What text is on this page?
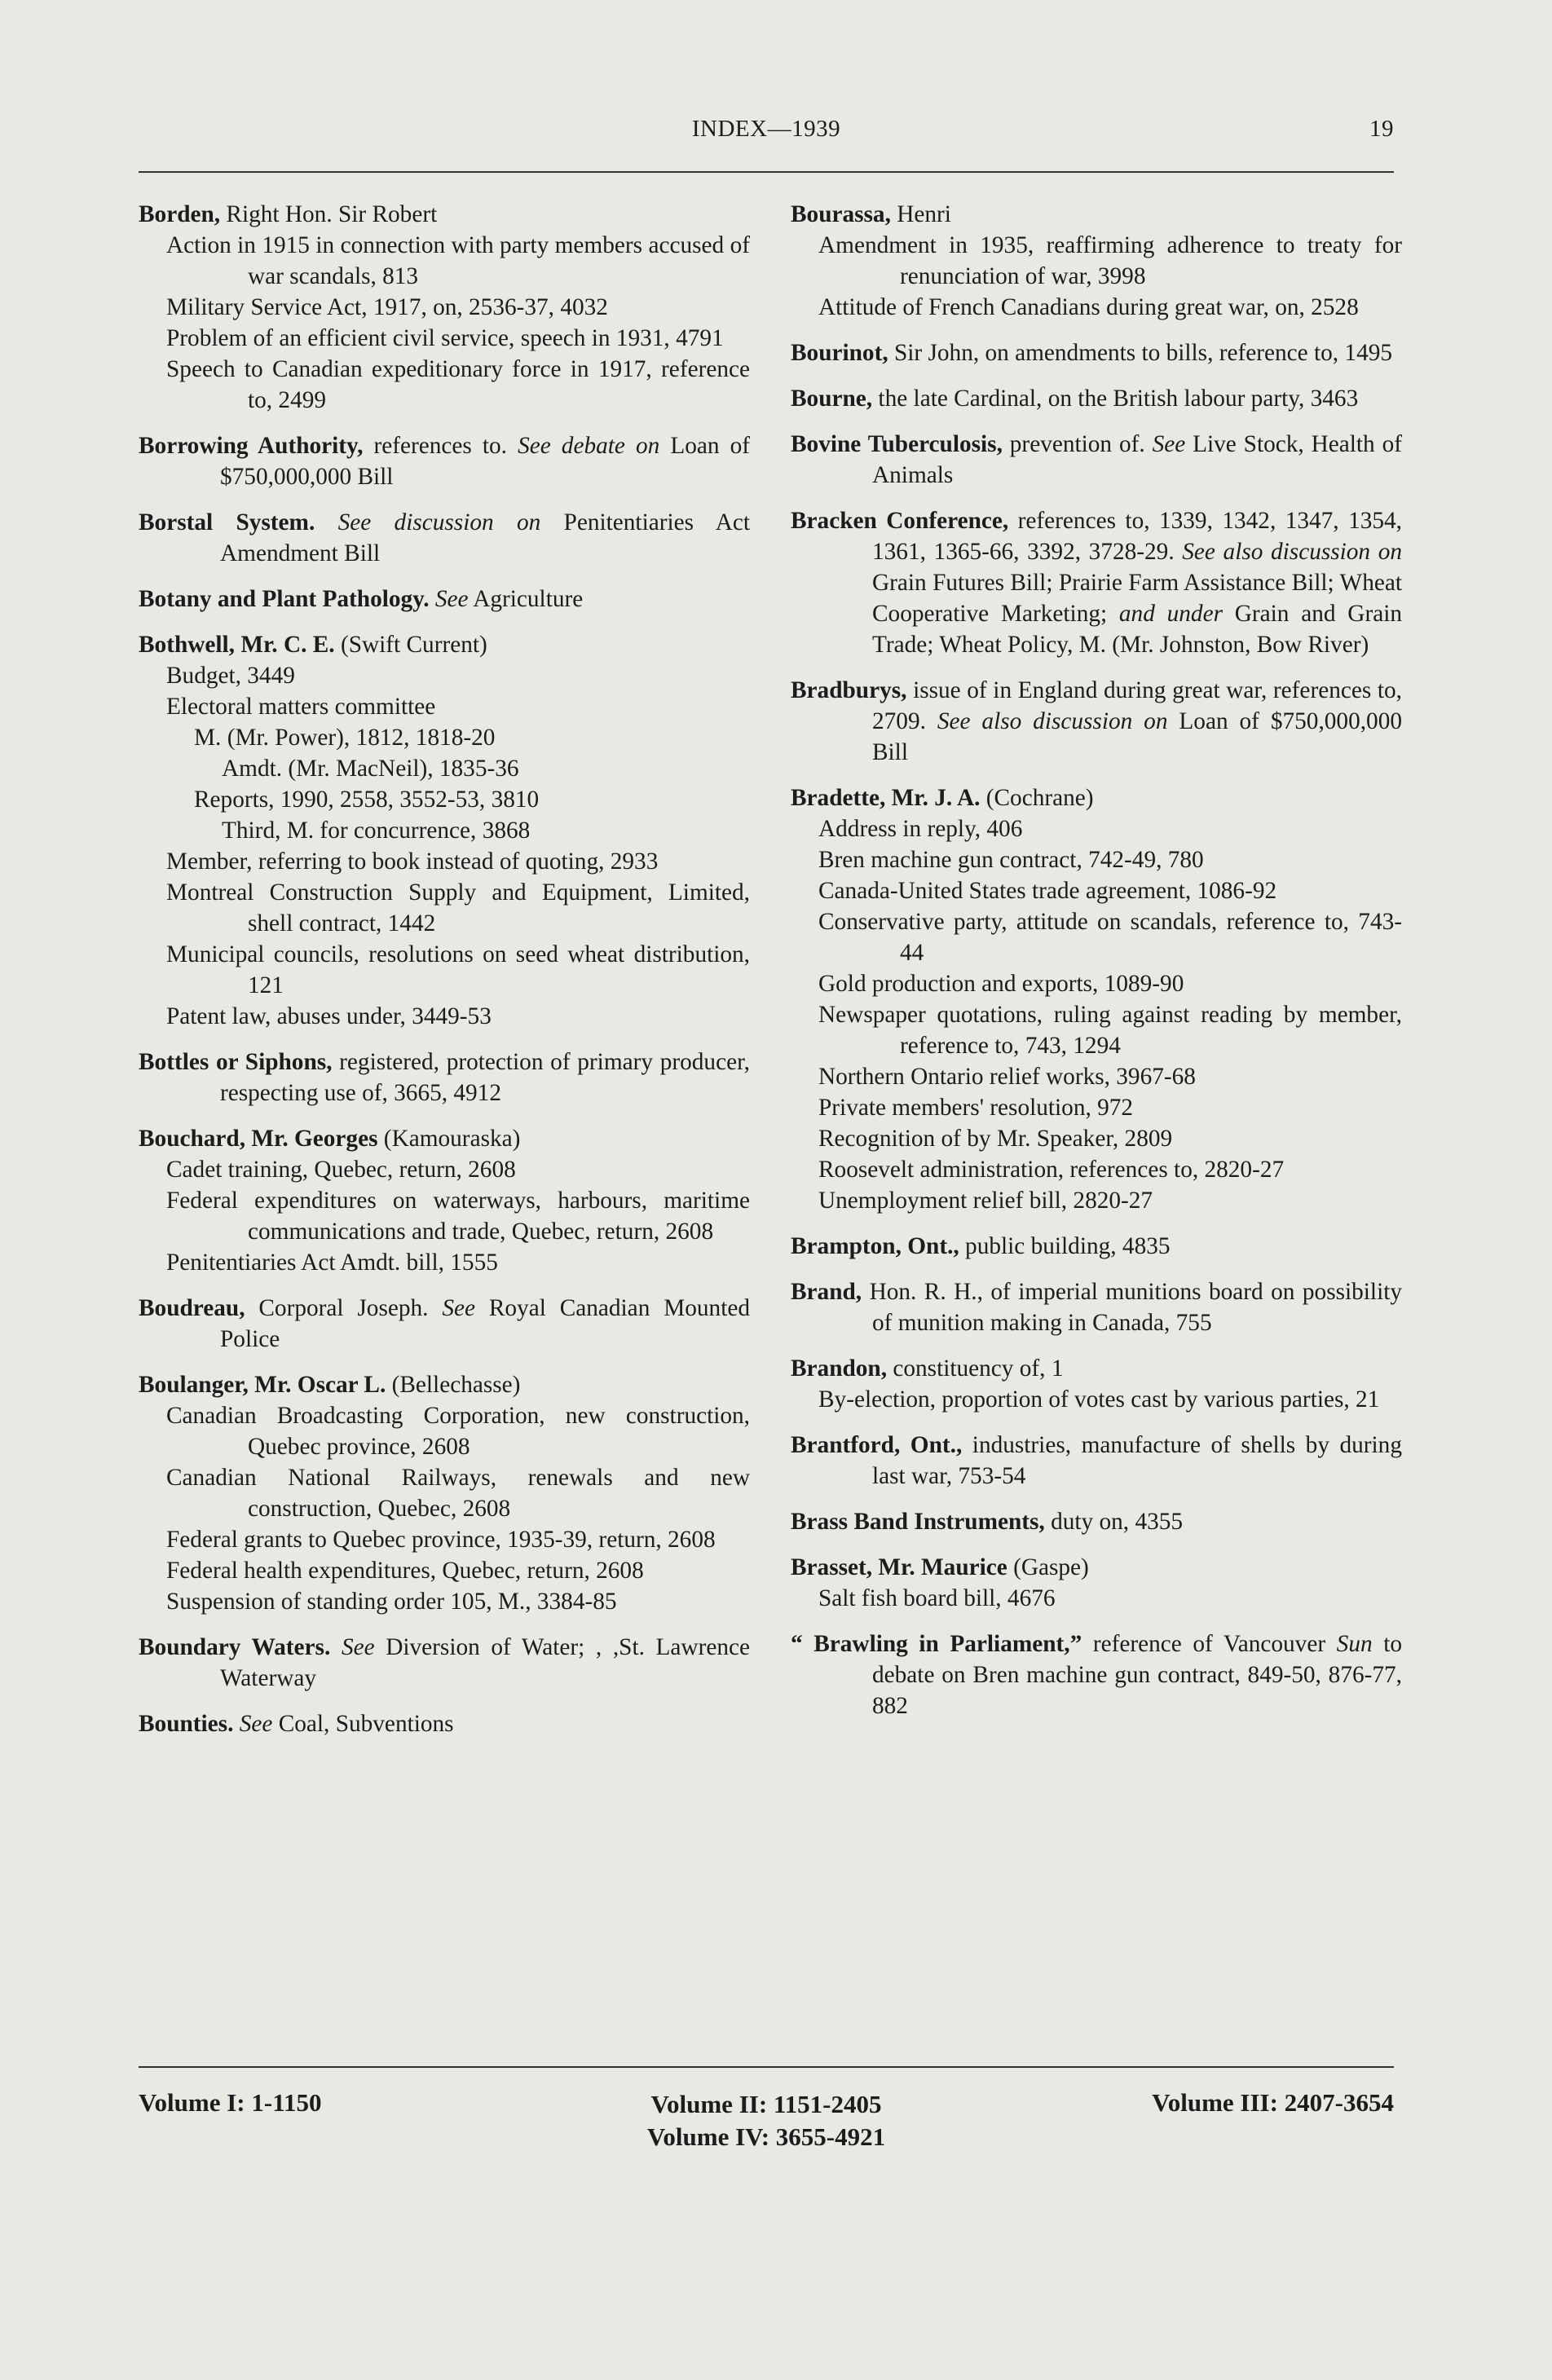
INDEX—1939	19
Borden, Right Hon. Sir Robert
Action in 1915 in connection with party members accused of war scandals, 813
Military Service Act, 1917, on, 2536-37, 4032
Problem of an efficient civil service, speech in 1931, 4791
Speech to Canadian expeditionary force in 1917, reference to, 2499
Borrowing Authority, references to. See debate on Loan of $750,000,000 Bill
Borstal System. See discussion on Penitentiaries Act Amendment Bill
Botany and Plant Pathology. See Agriculture
Bothwell, Mr. C. E. (Swift Current)
Budget, 3449
Electoral matters committee
M. (Mr. Power), 1812, 1818-20
Amdt. (Mr. MacNeil), 1835-36
Reports, 1990, 2558, 3552-53, 3810
Third, M. for concurrence, 3868
Member, referring to book instead of quoting, 2933
Montreal Construction Supply and Equipment, Limited, shell contract, 1442
Municipal councils, resolutions on seed wheat distribution, 121
Patent law, abuses under, 3449-53
Bottles or Siphons, registered, protection of primary producer, respecting use of, 3665, 4912
Bouchard, Mr. Georges (Kamouraska)
Cadet training, Quebec, return, 2608
Federal expenditures on waterways, harbours, maritime communications and trade, Quebec, return, 2608
Penitentiaries Act Amdt. bill, 1555
Boudreau, Corporal Joseph. See Royal Canadian Mounted Police
Boulanger, Mr. Oscar L. (Bellechasse)
Canadian Broadcasting Corporation, new construction, Quebec province, 2608
Canadian National Railways, renewals and new construction, Quebec, 2608
Federal grants to Quebec province, 1935-39, return, 2608
Federal health expenditures, Quebec, return, 2608
Suspension of standing order 105, M., 3384-85
Boundary Waters. See Diversion of Water; , ,St. Lawrence Waterway
Bounties. See Coal, Subventions
Bourassa, Henri
Amendment in 1935, reaffirming adherence to treaty for renunciation of war, 3998
Attitude of French Canadians during great war, on, 2528
Bourinot, Sir John, on amendments to bills, reference to, 1495
Bourne, the late Cardinal, on the British labour party, 3463
Bovine Tuberculosis, prevention of. See Live Stock, Health of Animals
Bracken Conference, references to, 1339, 1342, 1347, 1354, 1361, 1365-66, 3392, 3728-29. See also discussion on Grain Futures Bill; Prairie Farm Assistance Bill; Wheat Cooperative Marketing; and under Grain and Grain Trade; Wheat Policy, M. (Mr. Johnston, Bow River)
Bradburys, issue of in England during great war, references to, 2709. See also discussion on Loan of $750,000,000 Bill
Bradette, Mr. J. A. (Cochrane)
Address in reply, 406
Bren machine gun contract, 742-49, 780
Canada-United States trade agreement, 1086-92
Conservative party, attitude on scandals, reference to, 743-44
Gold production and exports, 1089-90
Newspaper quotations, ruling against reading by member, reference to, 743, 1294
Northern Ontario relief works, 3967-68
Private members' resolution, 972
Recognition of by Mr. Speaker, 2809
Roosevelt administration, references to, 2820-27
Unemployment relief bill, 2820-27
Brampton, Ont., public building, 4835
Brand, Hon. R. H., of imperial munitions board on possibility of munition making in Canada, 755
Brandon, constituency of, 1
By-election, proportion of votes cast by various parties, 21
Brantford, Ont., industries, manufacture of shells by during last war, 753-54
Brass Band Instruments, duty on, 4355
Brasset, Mr. Maurice (Gaspe)
Salt fish board bill, 4676
“ Brawling in Parliament,” reference of Vancouver Sun to debate on Bren machine gun contract, 849-50, 876-77, 882
Volume I: 1-1150	Volume II: 1151-2405
Volume IV: 3655-4921
Volume III: 2407-3654
